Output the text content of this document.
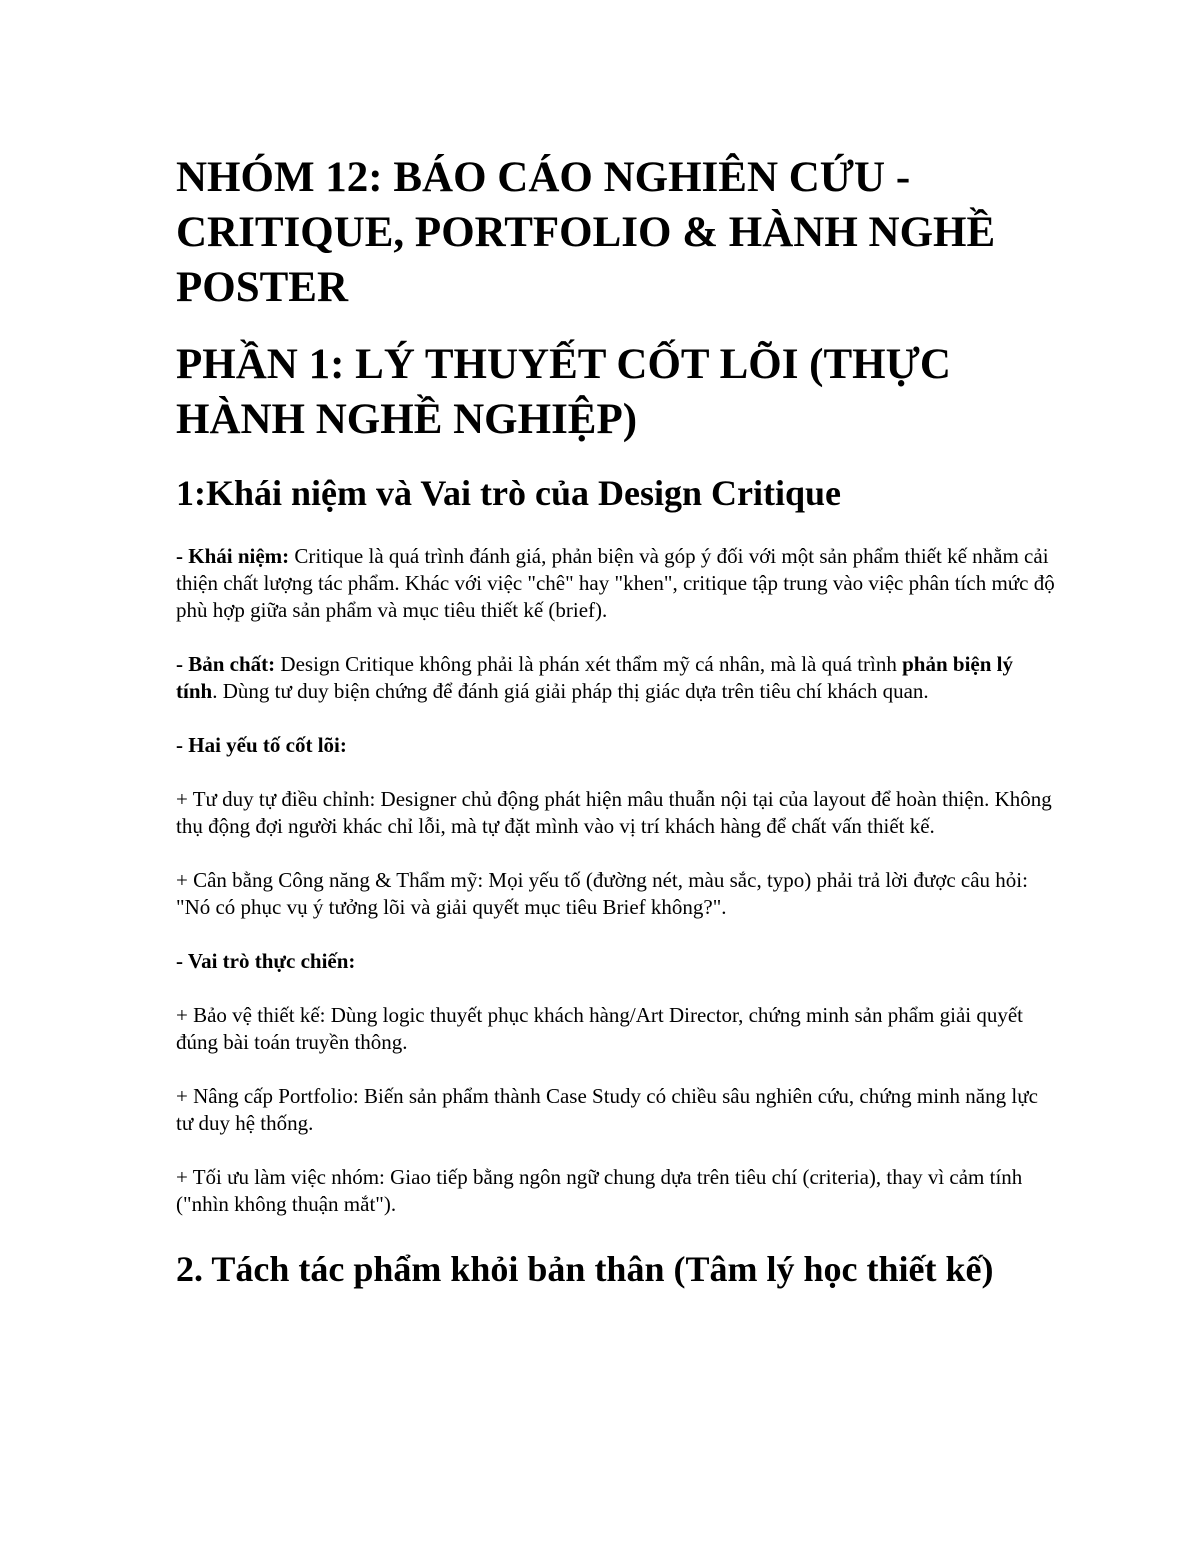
NHÓM 12: BÁO CÁO NGHIÊN CỨU - CRITIQUE, PORTFOLIO & HÀNH NGHỀ POSTER
PHẦN 1: LÝ THUYẾT CỐT LÕI (THỰC HÀNH NGHỀ NGHIỆP)
1:Khái niệm và Vai trò của Design Critique

- Khái niệm: Critique là quá trình đánh giá, phản biện và góp ý đối với một sản phẩm thiết kế nhằm cải thiện chất lượng tác phẩm. Khác với việc "chê" hay "khen", critique tập trung vào việc phân tích mức độ phù hợp giữa sản phẩm và mục tiêu thiết kế (brief).

- Bản chất: Design Critique không phải là phán xét thẩm mỹ cá nhân, mà là quá trình phản biện lý tính. Dùng tư duy biện chứng để đánh giá giải pháp thị giác dựa trên tiêu chí khách quan.

- Hai yếu tố cốt lõi:

+ Tư duy tự điều chỉnh: Designer chủ động phát hiện mâu thuẫn nội tại của layout để hoàn thiện. Không thụ động đợi người khác chỉ lỗi, mà tự đặt mình vào vị trí khách hàng để chất vấn thiết kế.

+ Cân bằng Công năng & Thẩm mỹ: Mọi yếu tố (đường nét, màu sắc, typo) phải trả lời được câu hỏi: "Nó có phục vụ ý tưởng lõi và giải quyết mục tiêu Brief không?".

- Vai trò thực chiến:

+ Bảo vệ thiết kế: Dùng logic thuyết phục khách hàng/Art Director, chứng minh sản phẩm giải quyết đúng bài toán truyền thông.

+ Nâng cấp Portfolio: Biến sản phẩm thành Case Study có chiều sâu nghiên cứu, chứng minh năng lực tư duy hệ thống.

+ Tối ưu làm việc nhóm: Giao tiếp bằng ngôn ngữ chung dựa trên tiêu chí (criteria), thay vì cảm tính ("nhìn không thuận mắt").

2. Tách tác phẩm khỏi bản thân (Tâm lý học thiết kế)
